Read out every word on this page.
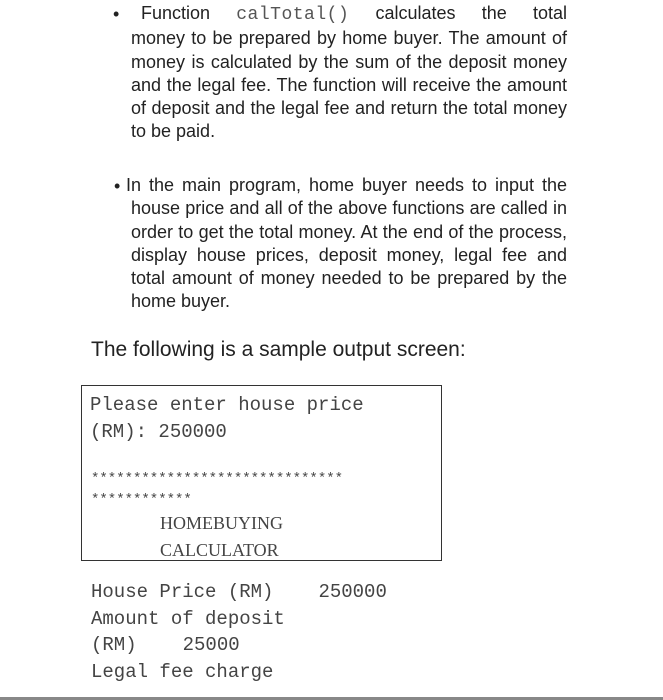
• Function calTotal() calculates the total
money to be prepared by home buyer. The amount of money is calculated by the sum of the deposit money and the legal fee. The function will receive the amount of deposit and the legal fee and return the total money to be paid.
• In the main program, home buyer needs to input the house price and all of the above functions are called in order to get the total money. At the end of the process, display house prices, deposit money, legal fee and total amount of money needed to be prepared by the home buyer.
The following is a sample output screen:
Please enter house price
(RM): 250000
******************************
************
HOMEBUYING
CALCULATOR
House Price (RM) 250000
Amount of deposit
(RM) 25000
Legal fee charge
